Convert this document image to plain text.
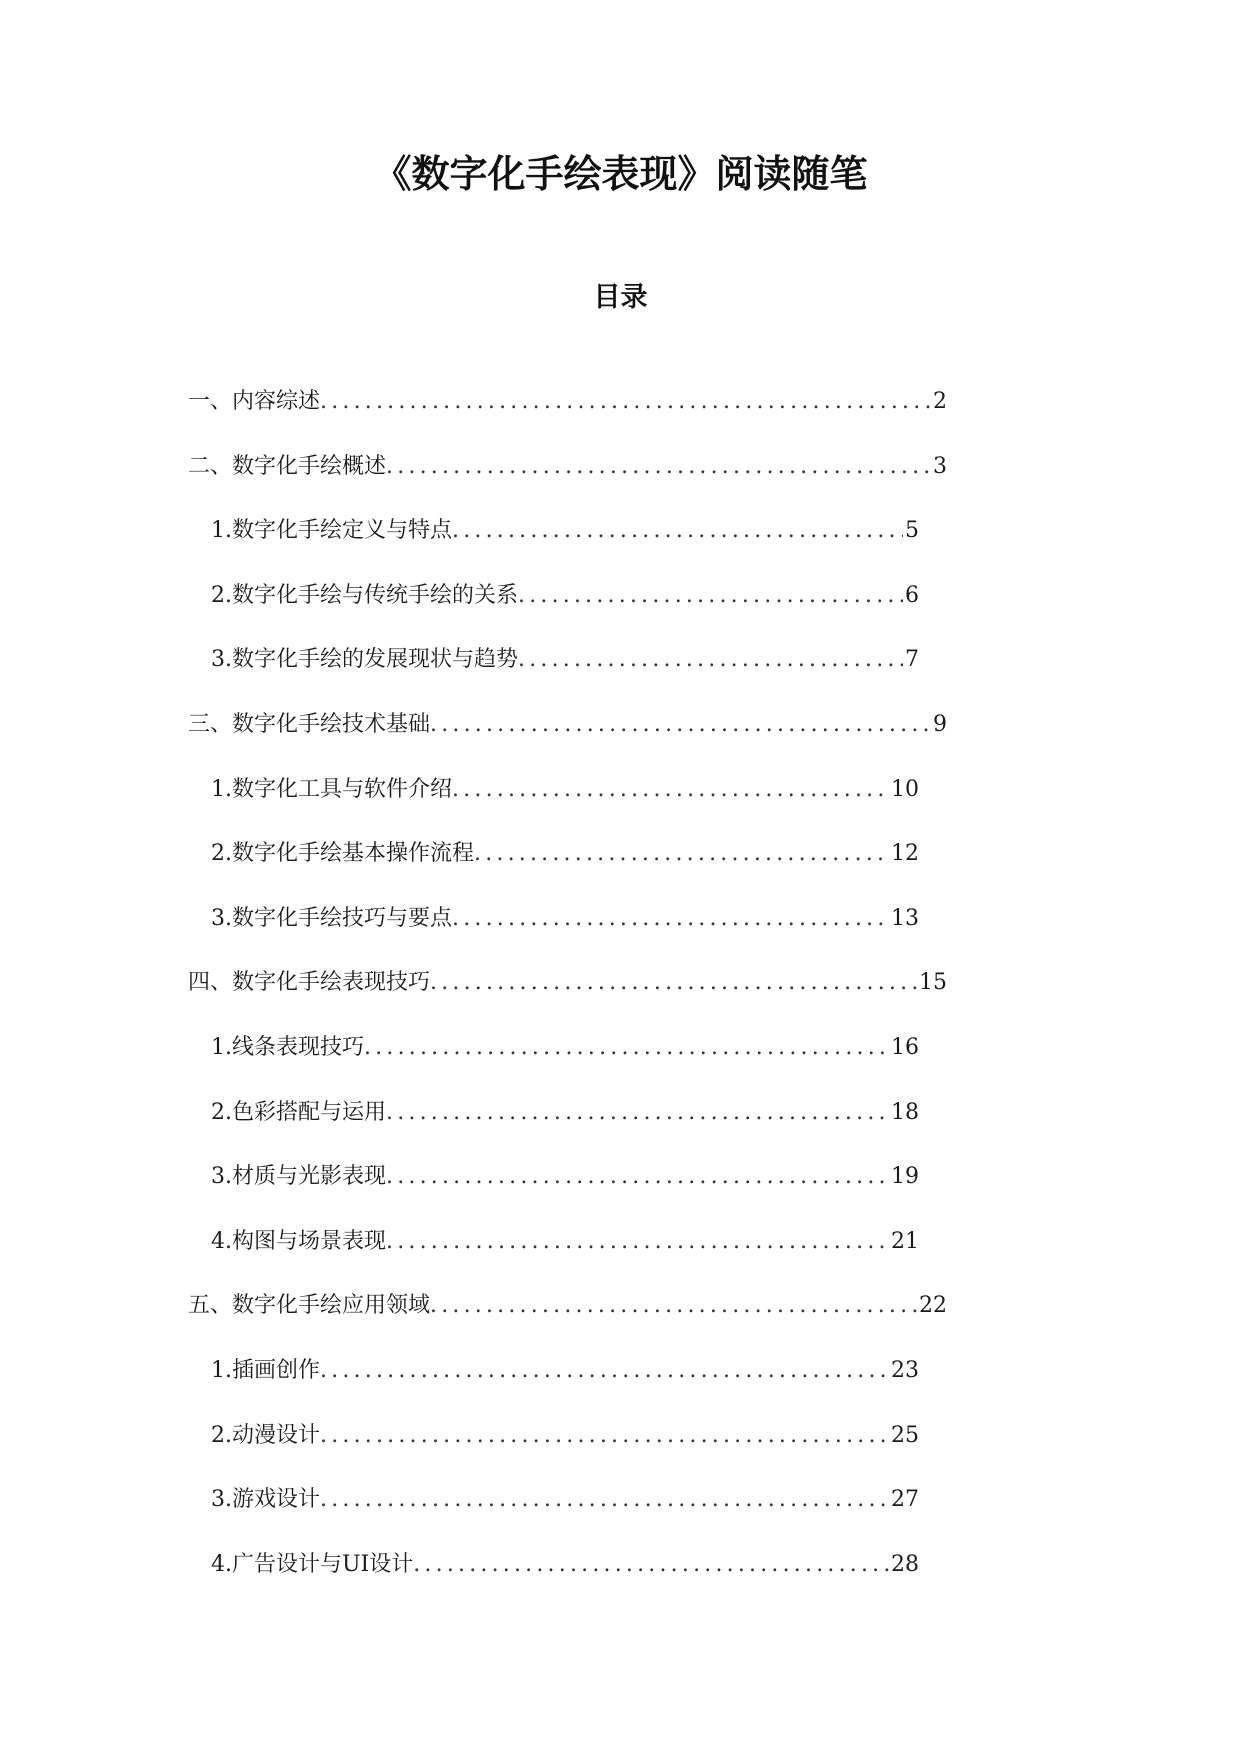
《数字化手绘表现》阅读随笔
目录
一、内容综述 .....	2
二、数字化手绘概述 .....	3
1. 数字化手绘定义与特点 .....	5
2. 数字化手绘与传统手绘的关系 .....	6
3. 数字化手绘的发展现状与趋势 .....	7
三、数字化手绘技术基础 .....	9
1. 数字化工具与软件介绍 .....	10
2. 数字化手绘基本操作流程 .....	12
3. 数字化手绘技巧与要点 .....	13
四、数字化手绘表现技巧 .....	15
1. 线条表现技巧 .....	16
2. 色彩搭配与运用 .....	18
3. 材质与光影表现 .....	19
4. 构图与场景表现 .....	21
五、数字化手绘应用领域 .....	22
1. 插画创作 .....	23
2. 动漫设计 .....	25
3. 游戏设计 .....	27
4. 广告设计与UI设计 .....	28
